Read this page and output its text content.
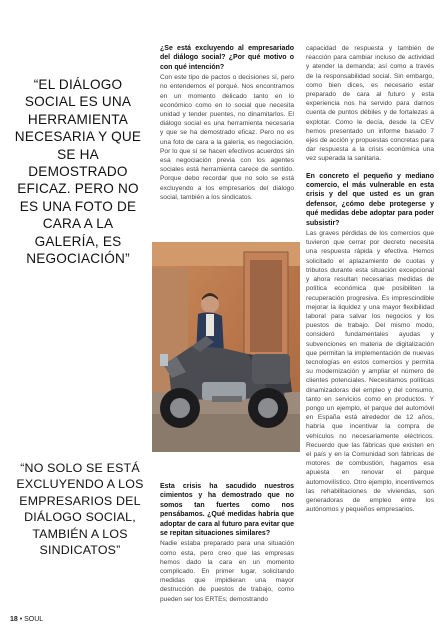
“EL DIÁLOGO SOCIAL ES UNA HERRAMIENTA NECESARIA Y QUE SE HA DEMOSTRADO EFICAZ. PERO NO ES UNA FOTO DE CARA A LA GALERÍA, ES NEGOCIACIÓN”
“NO SOLO SE ESTÁ EXCLUYENDO A LOS EMPRESARIOS DEL DIÁLOGO SOCIAL, TAMBIÉN A LOS SINDICATOS”
¿Se está excluyendo al empresariado del diálogo social? ¿Por qué motivo o con qué intención?

Con este tipo de pactos o decisiones sí, pero no entendemos el porqué. Nos encontramos en un momento delicado tanto en lo económico como en lo social que necesita unidad y tender puentes, no dinamitarlos. El diálogo social es una herramienta necesaria y que se ha demostrado eficaz. Pero no es una foto de cara a la galería, es negociación. Por lo que sí se hacen efectivos acuerdos sin esa negociación previa con los agentes sociales está herramienta carece de sentido. Porque debo recordar que no solo se está excluyendo a los empresarios del diálogo social, también a los sindicatos.

Esta crisis ha sacudido nuestros cimientos y ha demostrado que no somos tan fuertes como nos pensábamos. ¿Qué medidas habría que adoptar de cara al futuro para evitar que se repitan situaciones similares?

Nadie estaba preparado para una situación como esta, pero creo que las empresas hemos dado la cara en un momento complicado. En primer lugar, solicitando medidas que impidieran una mayor destrucción de puestos de trabajo, como pueden ser los ERTEs; demostrando

capacidad de respuesta y también de reacción para cambiar incluso de actividad y atender la demanda; así como a través de la responsabilidad social. Sin embargo, como bien dices, es necesario estar preparado de cara al futuro y esta experiencia nos ha servido para darnos cuenta de puntos débiles y de fortalezas a explotar. Como le decía, desde la CEV hemos presentado un informe basado 7 ejes de acción y propuestas concretas para dar respuesta a la crisis económica una vez superada la sanitaria.

En concreto el pequeño y mediano comercio, el más vulnerable en esta crisis y del que usted es un gran defensor, ¿cómo debe protegerse y qué medidas debe adoptar para poder subsistir?

Las graves pérdidas de los comercios que tuvieron que cerrar por decreto necesita una respuesta rápida y efectiva. Hemos solicitado el aplazamiento de cuotas y tributos durante esta situación excepcional y ahora resultan necesarias medidas de política económica que posibiliten la recuperación progresiva. Es imprescindible mejorar la liquidez y una mayor flexibilidad laboral para salvar los negocios y los puestos de trabajo. Del mismo modo, consideró fundamentales ayudas y subvenciones en materia de digitalización que permitan la implementación de nuevas tecnologías en estos comercios y permita su modernización y ampliar el número de clientes potenciales. Necesitamos políticas dinamizadoras del empleo y del consumo, tanto en servicios como en productos. Y pongo un ejemplo, el parque del automóvil en España está alrededor de 12 años, habría que incentivar la compra de vehículos no necesariamente eléctricos. Recuerdo que las fábricas que existen en el país y en la Comunidad son fábricas de motores de combustión, hagamos esa apuesta en renovar el parque automovilístico. Otro ejemplo, incentivemos las rehabilitaciones de viviendas, son generadoras de empleo entre los autónomos y pequeños empresarios.

18 • SOUL
